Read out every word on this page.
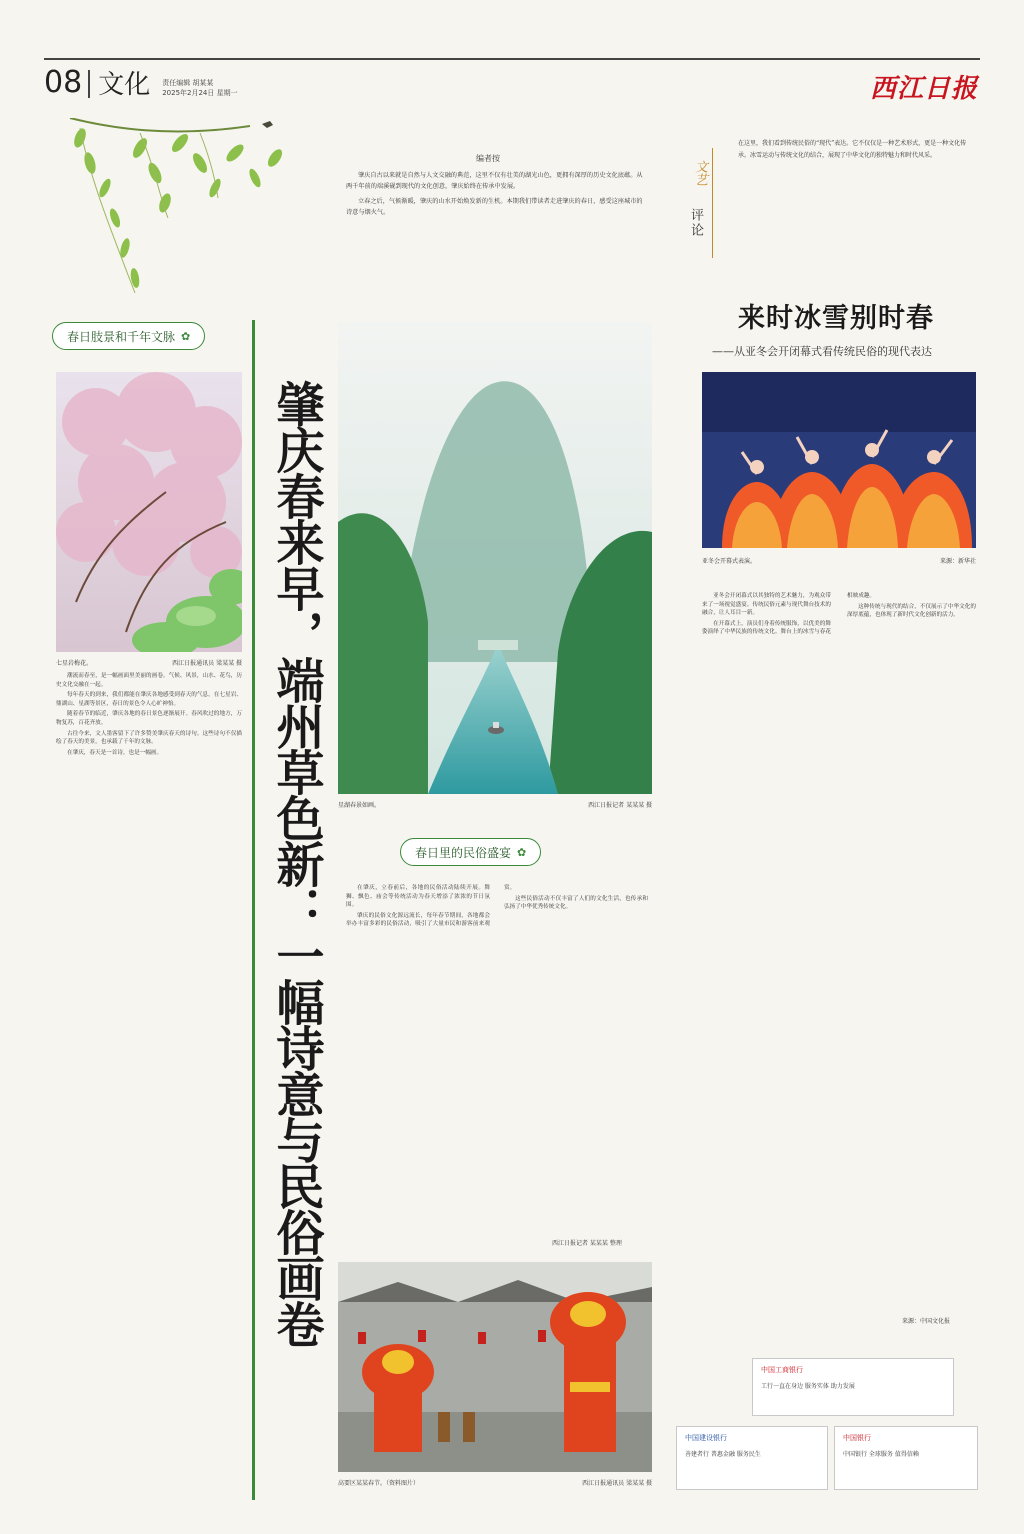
08 文化 责任编辑 胡某某
2025年2月24日 星期一	西江日报
春日肢景和千年文脉 ✿
七星岩梅花。	西江日报通讯员 梁某某 摄

潮流而春至，是一幅画面里美丽的画卷。气候、风景，山水、花鸟，历史文化交融在一起。

每年春天的到来，我们都能在肇庆各地感受到春天的气息。在七星岩、鼎湖山、星湖等景区，春日的景色令人心旷神怡。

随着春节的临近，肇庆各地的春日景色逐渐展开。春风吹过的地方，万物复苏，百花齐放。

古往今来，文人墨客留下了许多赞美肇庆春天的诗句。这些诗句不仅描绘了春天的美景，也承载了千年的文脉。

在肇庆，春天是一首诗，也是一幅画。	肇庆春来早，端州草色新：一幅诗意与民俗画卷
编者按

肇庆自古以来就是自然与人文交融的典范，这里不仅有壮美的湖光山色，更拥有深厚的历史文化底蕴。从两千年前的端溪砚到现代的文化创意，肇庆始终在传承中发展。

立春之后，气候渐暖，肇庆的山水开始焕发新的生机。本期我们带读者走进肇庆的春日，感受这座城市的诗意与烟火气。

星湖春景如画。	西江日报记者 某某某 摄
春日里的民俗盛宴 ✿

在肇庆，立春前后，各地的民俗活动陆续开展。舞狮、飘色、庙会等传统活动为春天增添了浓浓的节日氛围。

肇庆的民俗文化源远流长，每年春节期间，各地都会举办丰富多彩的民俗活动，吸引了大量市民和游客前来观赏。

这些民俗活动不仅丰富了人们的文化生活，也传承和弘扬了中华优秀传统文化。

西江日报记者 某某某 整理
高要区某某春节。（资料图片）	西江日报通讯员 梁某某 摄
文艺
评论
在这里，我们看到传统民俗的“现代”表达。它不仅仅是一种艺术形式，更是一种文化传承。冰雪运动与传统文化的结合，展现了中华文化的独特魅力和时代风采。
来时冰雪别时春
——从亚冬会开闭幕式看传统民俗的现代表达
亚冬会开幕式表演。	来源：新华社

亚冬会开闭幕式以其独特的艺术魅力，为观众带来了一场视觉盛宴。传统民俗元素与现代舞台技术的融合，让人耳目一新。

在开幕式上，演员们身着传统服饰，以优美的舞姿演绎了中华民族的传统文化。舞台上的冰雪与春花相映成趣。

这种传统与现代的结合，不仅展示了中华文化的深厚底蕴，也体现了新时代文化创新的活力。

来源：中国文化报
中国工商银行
工行一直在身边 服务实体 助力发展
中国建设银行
善建者行 普惠金融 服务民生
中国银行
中国银行 全球服务 值得信赖
